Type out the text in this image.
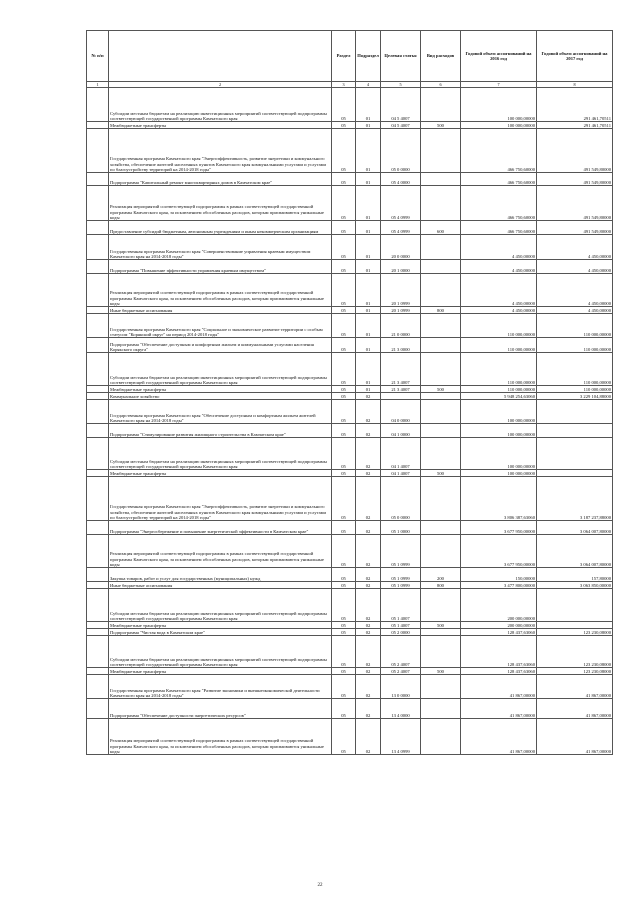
№ п/п		Раздел	Подраздел	Целевая статья	Вид расходов	Годовой объем ассигнований на 2016 год	Годовой объем ассигнований на 2017 год
1	2	3	4	5	6	7	8
	Субсидии местным бюджетам на реализацию инвестиционных мероприятий соответствующей подпрограммы соответствующей государственной программы Камчатского края	05	01	04 5 4007		100 000,00000	291 461,70511
	Межбюджетные трансферты	05	01	04 5 4007	500	100 000,00000	291 461,70511
	Государственная программа Камчатского края "Энергоэффективность, развитие энергетики и коммунального хозяйства, обеспечение жителей населенных пунктов Камчатского края коммунальными услугами и услугами по благоустройству территорий на 2014-2018 годы"	05	01	05 0 0000		466 750,60000	491 549,80000
	Подпрограмма "Капитальный ремонт многоквартирных домов в Камчатском крае"	05	01	05 4 0000		466 750,60000	491 549,80000
	Реализация мероприятий соответствующей подпрограммы в рамках соответствующей государственной программы Камчатского края, за исключением обособленных расходов, которым присваиваются уникальные коды	05	01	05 4 0999		466 750,60000	491 549,80000
	Предоставление субсидий бюджетным, автономным учреждениям и иным некоммерческим организациям	05	01	05 4 0999	600	466 750,60000	491 549,80000
	Государственная программа Камчатского края "Совершенствование управления краевым имуществом Камчатского края на 2014-2018 годы"	05	01	20 0 0000		4 450,00000	4 450,00000
	Подпрограмма "Повышение эффективности управления краевым имуществом"	05	01	20 1 0000		4 450,00000	4 450,00000
	Реализация мероприятий соответствующей подпрограммы в рамках соответствующей государственной программы Камчатского края, за исключением обособленных расходов, которым присваиваются уникальные коды	05	01	20 1 0999		4 450,00000	4 450,00000
	Иные бюджетные ассигнования	05	01	20 1 0999	800	4 450,00000	4 450,00000
	Государственная программа Камчатского края "Социальное и экономическое развитие территории с особым статусом "Корякский округ" на период 2014-2018 годы"	05	01	21 0 0000		110 000,00000	110 000,00000
	Подпрограмма "Обеспечение доступным и комфортным жильем и коммунальными услугами населения Корякского округа"	05	01	21 3 0000		110 000,00000	110 000,00000
	Субсидии местным бюджетам на реализацию инвестиционных мероприятий соответствующей подпрограммы соответствующей государственной программы Камчатского края	05	01	21 3 4007		110 000,00000	110 000,00000
	Межбюджетные трансферты	05	01	21 3 4007	500	110 000,00000	110 000,00000
	Коммунальное хозяйство	05	02			5 948 254,63060	3 229 104,88000
	Государственная программа Камчатского края "Обеспечение доступным и комфортным жильем жителей Камчатского края на 2014-2018 годы"	05	02	04 0 0000		100 000,00000	
	Подпрограмма "Стимулирование развития жилищного строительства в Камчатском крае"	05	02	04 1 0000		100 000,00000	
	Субсидии местным бюджетам на реализацию инвестиционных мероприятий соответствующей подпрограммы соответствующей государственной программы Камчатского края	05	02	04 1 4007		100 000,00000	
	Межбюджетные трансферты	05	02	04 1 4007	500	100 000,00000	
	Государственная программа Камчатского края "Энергоэффективность, развитие энергетики и коммунального хозяйства, обеспечение жителей населенных пунктов Камчатского края коммунальными услугами и услугами по благоустройству территорий на 2014-2018 годы"	05	02	05 0 0000		3 806 387,63060	3 187 237,88000
	Подпрограмма "Энергосбережение и повышение энергетической эффективности в Камчатском крае"	05	02	05 1 0000		3 677 950,00000	3 064 007,80000
	Реализация мероприятий соответствующей подпрограммы в рамках соответствующей государственной программы Камчатского края, за исключением обособленных расходов, которым присваиваются уникальные коды	05	02	05 1 0999		3 677 950,00000	3 064 007,80000
	Закупка товаров, работ и услуг для государственных (муниципальных) нужд	05	02	05 1 0999	200	150,00000	157,80000
	Иные бюджетные ассигнования	05	02	05 1 0999	800	3 477 800,00000	3 063 850,00000
	Субсидии местным бюджетам на реализацию инвестиционных мероприятий соответствующей подпрограммы соответствующей государственной программы Камчатского края	05	02	05 1 4007		200 000,00000	
	Межбюджетные трансферты	05	02	05 1 4007	500	200 000,00000	
	Подпрограмма "Чистая вода в Камчатском крае"	05	02	05 2 0000		128 437,63060	123 230,08000
	Субсидии местным бюджетам на реализацию инвестиционных мероприятий соответствующей подпрограммы соответствующей государственной программы Камчатского края	05	02	05 2 4007		128 437,63060	123 230,08000
	Межбюджетные трансферты	05	02	05 2 4007	500	128 437,63060	123 230,08000
	Государственная программа Камчатского края "Развитие экономики и внешнеэкономической деятельности Камчатского края на 2014-2018 годы"	05	02	13 0 0000		41 867,00000	41 867,00000
	Подпрограмма "Обеспечение доступности энергетических ресурсов"	05	02	13 4 0000		41 867,00000	41 867,00000
	Реализация мероприятий соответствующей подпрограммы в рамках соответствующей государственной программы Камчатского края, за исключением обособленных расходов, которым присваиваются уникальные коды	05	02	13 4 0999		41 867,00000	41 867,00000
22
